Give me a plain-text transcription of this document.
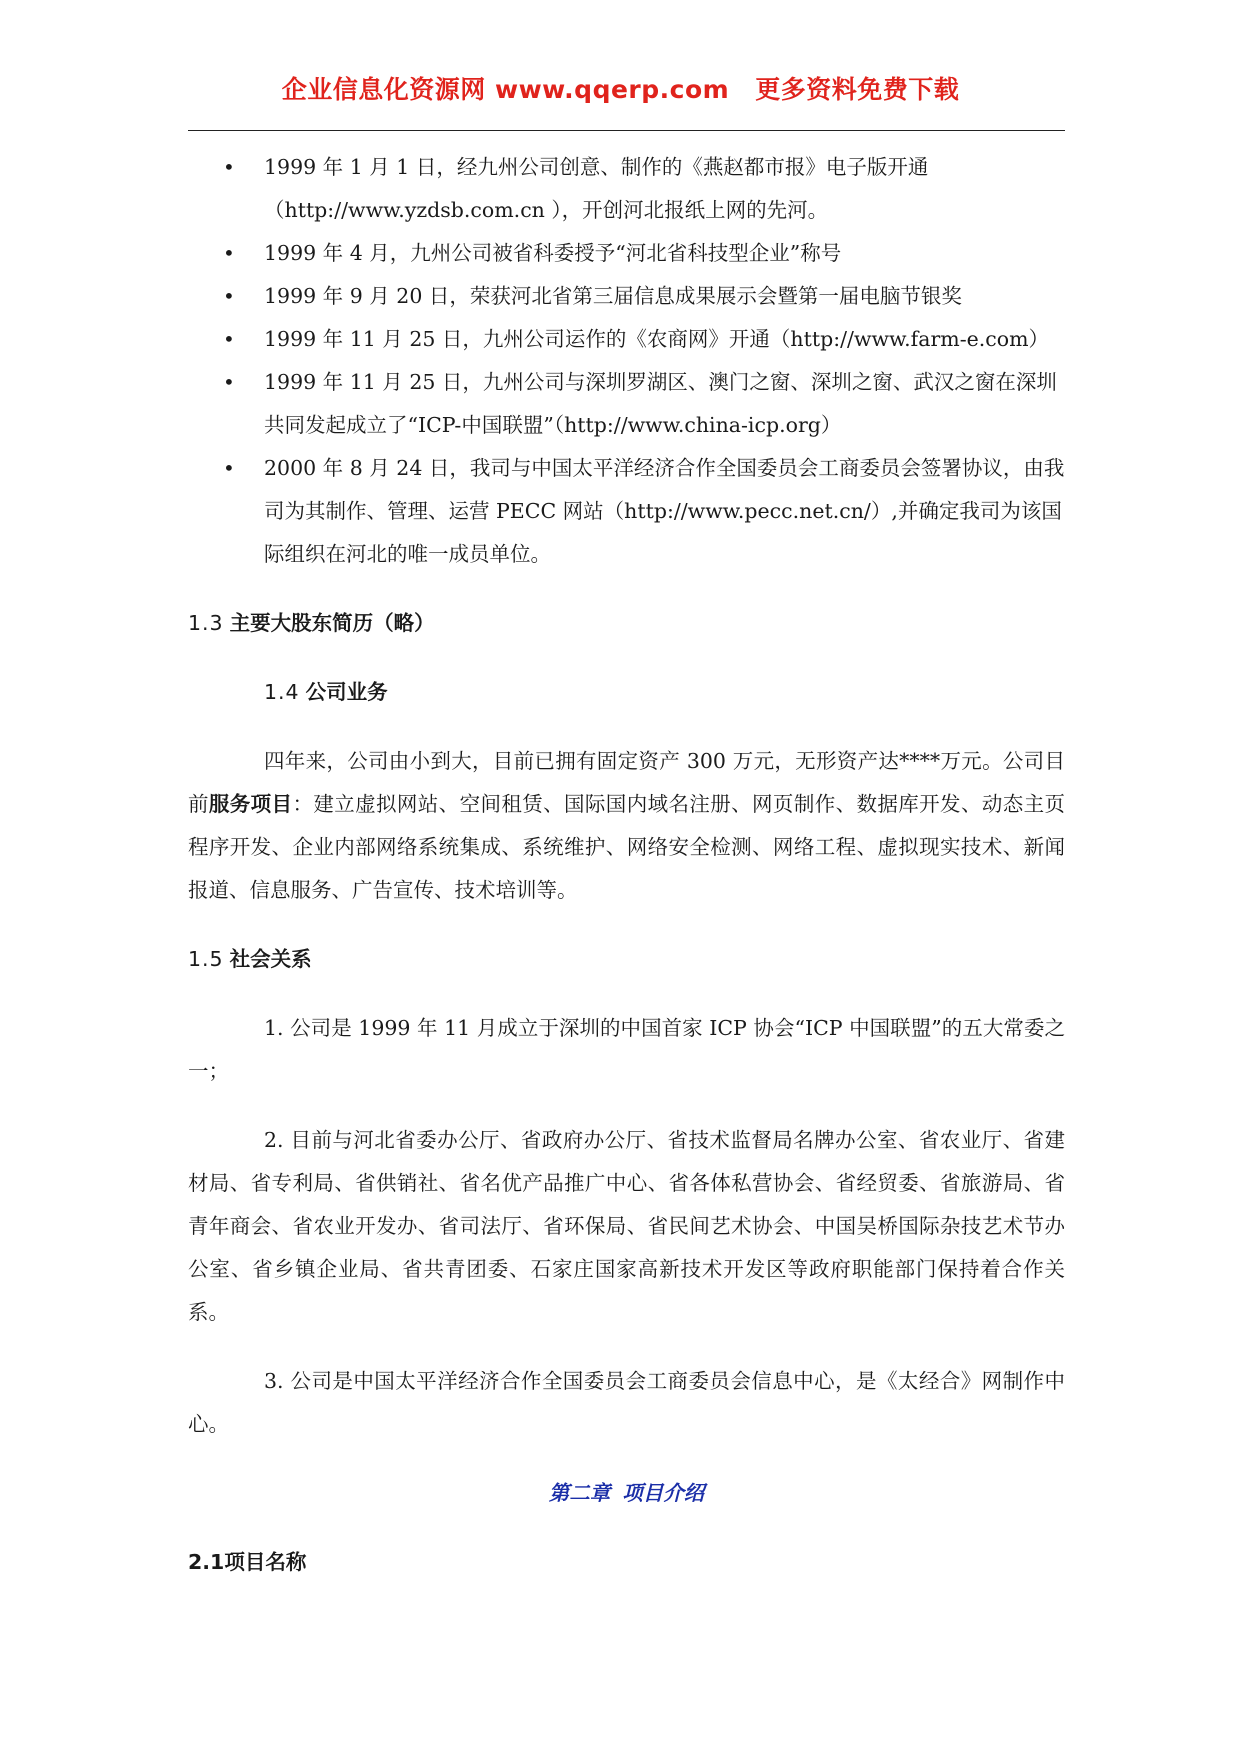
企业信息化资源网 www.qqerp.com 更多资料免费下载
• 1999 年 1 月 1 日，经九州公司创意、制作的《燕赵都市报》电子版开通（http://www.yzdsb.com.cn ），开创河北报纸上网的先河。
• 1999 年 4 月，九州公司被省科委授予“河北省科技型企业”称号
• 1999 年 9 月 20 日，荣获河北省第三届信息成果展示会暨第一届电脑节银奖
• 1999 年 11 月 25 日，九州公司运作的《农商网》开通（http://www.farm-e.com）
• 1999 年 11 月 25 日，九州公司与深圳罗湖区、澳门之窗、深圳之窗、武汉之窗在深圳共同发起成立了“ICP-中国联盟”（http://www.china-icp.org）
• 2000 年 8 月 24 日，我司与中国太平洋经济合作全国委员会工商委员会签署协议，由我司为其制作、管理、运营 PECC 网站（http://www.pecc.net.cn/）,并确定我司为该国际组织在河北的唯一成员单位。
1.3 主要大股东简历（略）
1.4 公司业务

四年来，公司由小到大，目前已拥有固定资产 300 万元，无形资产达****万元。公司目前服务项目：建立虚拟网站、空间租赁、国际国内域名注册、网页制作、数据库开发、动态主页程序开发、企业内部网络系统集成、系统维护、网络安全检测、网络工程、虚拟现实技术、新闻报道、信息服务、广告宣传、技术培训等。

1.5 社会关系

1. 公司是 1999 年 11 月成立于深圳的中国首家 ICP 协会“ICP 中国联盟”的五大常委之一；

2. 目前与河北省委办公厅、省政府办公厅、省技术监督局名牌办公室、省农业厅、省建材局、省专利局、省供销社、省名优产品推广中心、省各体私营协会、省经贸委、省旅游局、省青年商会、省农业开发办、省司法厅、省环保局、省民间艺术协会、中国吴桥国际杂技艺术节办公室、省乡镇企业局、省共青团委、石家庄国家高新技术开发区等政府职能部门保持着合作关系。

3. 公司是中国太平洋经济合作全国委员会工商委员会信息中心，是《太经合》网制作中心。

第二章 项目介绍
2.1项目名称
